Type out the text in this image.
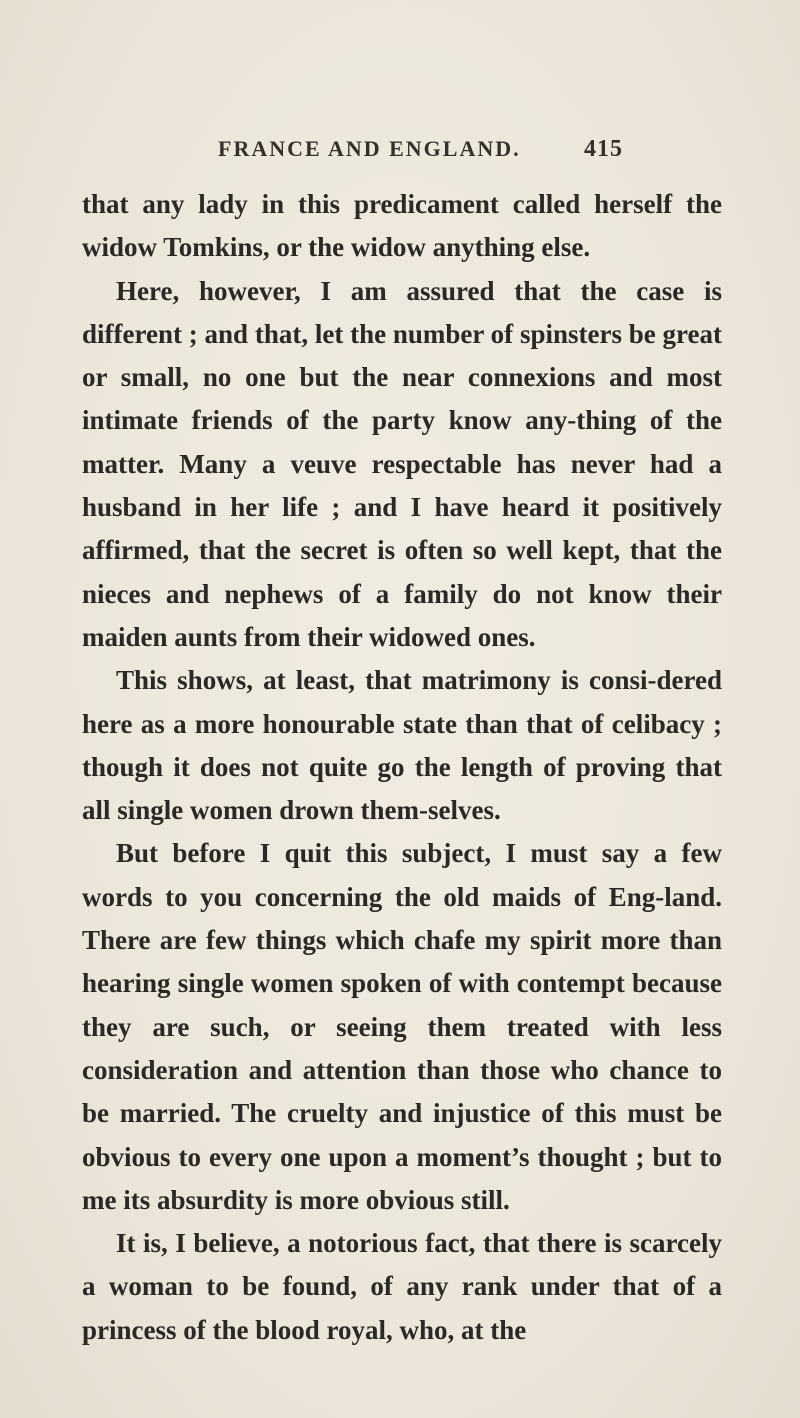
FRANCE AND ENGLAND.	415

that any lady in this predicament called herself the widow Tomkins, or the widow anything else.

Here, however, I am assured that the case is different ; and that, let the number of spinsters be great or small, no one but the near connexions and most intimate friends of the party know any-thing of the matter. Many a veuve respectable has never had a husband in her life ; and I have heard it positively affirmed, that the secret is often so well kept, that the nieces and nephews of a family do not know their maiden aunts from their widowed ones.

This shows, at least, that matrimony is consi-dered here as a more honourable state than that of celibacy ; though it does not quite go the length of proving that all single women drown them-selves.

But before I quit this subject, I must say a few words to you concerning the old maids of Eng-land. There are few things which chafe my spirit more than hearing single women spoken of with contempt because they are such, or seeing them treated with less consideration and attention than those who chance to be married. The cruelty and injustice of this must be obvious to every one upon a moment’s thought ; but to me its absurdity is more obvious still.

It is, I believe, a notorious fact, that there is scarcely a woman to be found, of any rank under that of a princess of the blood royal, who, at the
